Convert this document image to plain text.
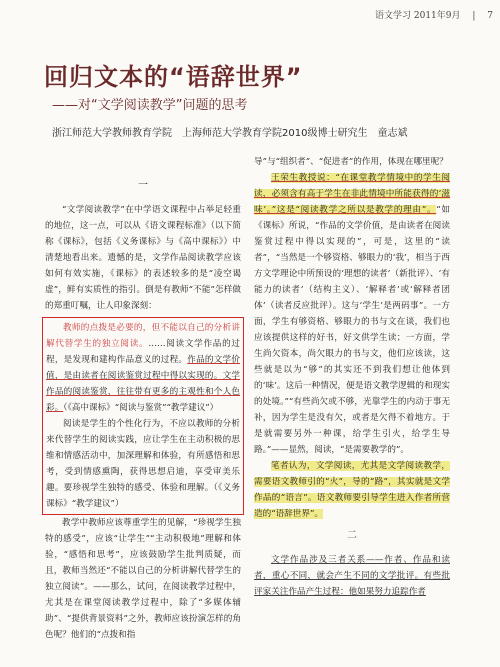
语文学习 2011年9月 　|　 7
回归文本的“语辞世界”
——对“文学阅读教学”问题的思考
浙江师范大学教师教育学院　上海师范大学教育学院2010级博士研究生　童志斌
一

“文学阅读教学”在中学语文课程中占举足轻重的地位，这一点，可以从《语文课程标准》（以下简称《课标》，包括《义务课标》与《高中课标》）中清楚地看出来。遗憾的是，文学作品阅读教学应该如何有效实施，《课标》的表述较多的是“凌空谒虚”，鲜有实质性的指引。倒是有教师“不能”怎样做的郑重叮嘱，让人印象深刻：

教师的点拨是必要的，但不能以自己的分析讲解代替学生的独立阅读。……阅读文学作品的过程，是发现和建构作品意义的过程。作品的文学价值，是由读者在阅读鉴赏过程中得以实现的。文学作品的阅读鉴赏，往往带有更多的主观性和个人色彩。（《高中课标》“阅读与鉴赏”“教学建议”）

阅读是学生的个性化行为，不应以教师的分析来代替学生的阅读实践，应让学生在主动积极的思维和情感活动中，加深理解和体验，有所感悟和思考，受到情感熏陶，获得思想启迪，享受审美乐趣。要珍视学生独特的感受、体验和理解。（《义务课标》“教学建议”）

教学中教师应该尊重学生的见解，“珍视学生独特的感受”，应该“让学生”“主动积极地”理解和体验，“感悟和思考”，应该鼓励学生批判质疑，而且，教师当然还“不能以自己的分析讲解代替学生的独立阅读”。——那么，试问，在阅读教学过程中，尤其是在课堂阅读教学过程中，除了“多媒体辅助”、“提供背景资料”之外，教师应该扮演怎样的角色呢？他们的“点拨和指

导”与“组织者”、“促进者”的作用，体现在哪里呢？

王荣生教授说：“在课堂教学情境中的学生阅读，必须含有高于学生在非此情境中所能获得的‘滋味’。”这是“阅读教学之所以是教学的理由”。“如《课标》所说，“作品的文学价值，是由读者在阅读鉴赏过程中得以实现的”，可是，这里的“读者”，“当然是一个够资格、够眼力的‘我’，相当于西方文学理论中所预设的‘理想的读者’（新批评）、‘有能力的读者’（结构主义）、‘解释者’或‘解释者团体’（读者反应批评）。这与‘学生’是两码事”。一方面，学生有够资格、够眼力的书与文在谈，我们也应该提供这样的好书，好文供学生读；一方面，学生尚欠资本，尚欠眼力的书与文，他们应该读，这些就是以为“够”的其实还不到我们想让他体到的‘味’。这后一种情况，便是语文教学逻辑的和现实的处境。”“有些尚欠或不够，光靠学生的内动于事无补，因为学生是没有欠，或者是欠得不着地方。于是就需要另外一种课，给学生引火，给学生导路。”——显然，阅读，“是需要教学的”。

笔者认为，文学阅读，尤其是文学阅读教学，需要语文教师引的“火”，导的“路”，其实就是文学作品的“语言”。语文教师要引导学生进入作者所营造的“语辞世界”。

二

文学作品涉及三者关系——作者、作品和读者，重心不同，就会产生不同的文学批评。有些批评家关注作品产生过程：他如果努力追踪作者
